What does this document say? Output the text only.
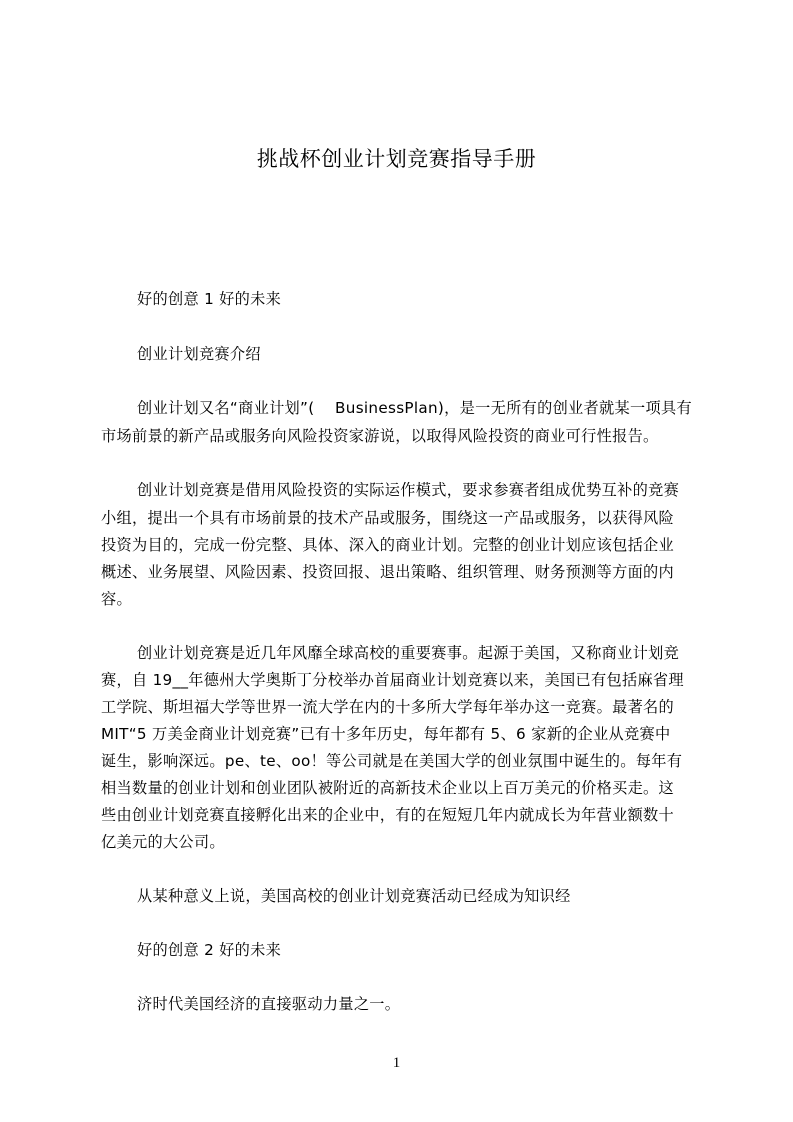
挑战杯创业计划竞赛指导手册
好的创意 1 好的未来
创业计划竞赛介绍
创业计划又名“商业计划”(　 BusinessPlan)，是一无所有的创业者就某一项具有
市场前景的新产品或服务向风险投资家游说，以取得风险投资的商业可行性报告。
创业计划竞赛是借用风险投资的实际运作模式，要求参赛者组成优势互补的竞赛
小组，提出一个具有市场前景的技术产品或服务，围绕这一产品或服务，以获得风险
投资为目的，完成一份完整、具体、深入的商业计划。完整的创业计划应该包括企业
概述、业务展望、风险因素、投资回报、退出策略、组织管理、财务预测等方面的内
容。
创业计划竞赛是近几年风靡全球高校的重要赛事。起源于美国，又称商业计划竞
赛，自 19__年德州大学奥斯丁分校举办首届商业计划竞赛以来，美国已有包括麻省理
工学院、斯坦福大学等世界一流大学在内的十多所大学每年举办这一竞赛。最著名的
MIT“5 万美金商业计划竞赛”已有十多年历史，每年都有 5、6 家新的企业从竞赛中
诞生，影响深远。pe、te、oo！等公司就是在美国大学的创业氛围中诞生的。每年有
相当数量的创业计划和创业团队被附近的高新技术企业以上百万美元的价格买走。这
些由创业计划竞赛直接孵化出来的企业中，有的在短短几年内就成长为年营业额数十
亿美元的大公司。
从某种意义上说，美国高校的创业计划竞赛活动已经成为知识经
好的创意 2 好的未来
济时代美国经济的直接驱动力量之一。
1
